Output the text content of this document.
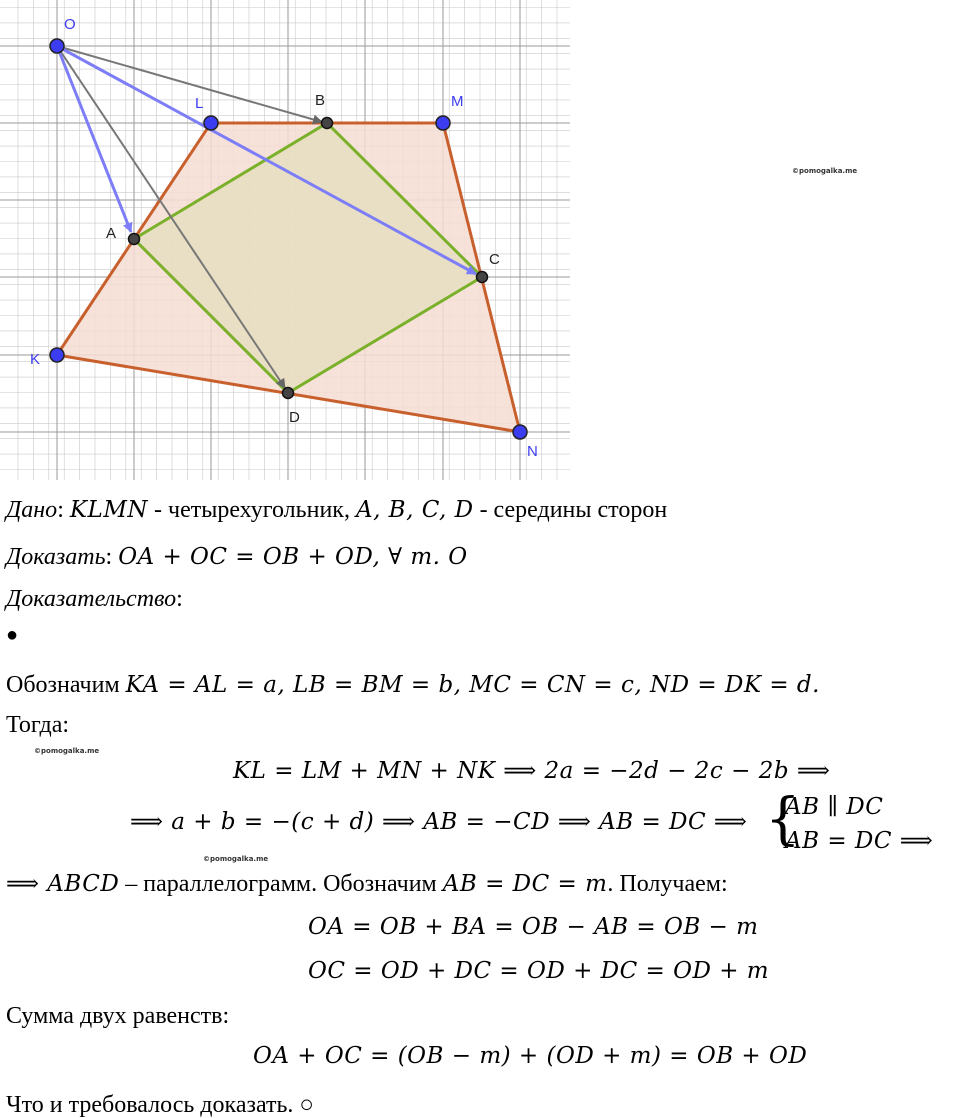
O
L	B	M
A
C
K
D
N
©pomogalka.me
©pomogalka.me
©pomogalka.me
Дано: KLMN - четырехугольник, A, B, C, D - середины сторон
Доказать: OA + OC = OB + OD, ∀ т. O
Доказательство:
●
Обозначим KA = AL = a, LB = BM = b, MC = CN = c, ND = DK = d.
Тогда:
KL = LM + MN + NK ⟹ 2a = −2d − 2c − 2b ⟹
⟹ a + b = −(c + d) ⟹ AB = −CD ⟹ AB = DC ⟹ {
AB ∥ DC
AB = DC ⟹
⟹ ABCD – параллелограмм. Обозначим AB = DC = m. Получаем:
OA = OB + BA = OB − AB = OB − m
OC = OD + DC = OD + DC = OD + m
Сумма двух равенств:
OA + OC = (OB − m) + (OD + m) = OB + OD
Что и требовалось доказать. ○
